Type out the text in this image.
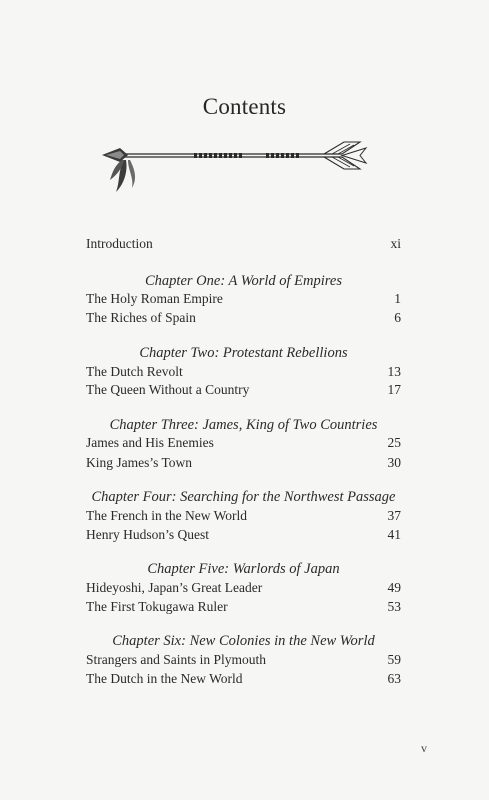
Contents
Introduction	xi
Chapter One: A World of Empires
The Holy Roman Empire	1
The Riches of Spain	6
Chapter Two: Protestant Rebellions
The Dutch Revolt	13
The Queen Without a Country	17
Chapter Three: James, King of Two Countries
James and His Enemies	25
King James’s Town	30
Chapter Four: Searching for the Northwest Passage
The French in the New World	37
Henry Hudson’s Quest	41
Chapter Five: Warlords of Japan
Hideyoshi, Japan’s Great Leader	49
The First Tokugawa Ruler	53
Chapter Six: New Colonies in the New World
Strangers and Saints in Plymouth	59
The Dutch in the New World	63
v
